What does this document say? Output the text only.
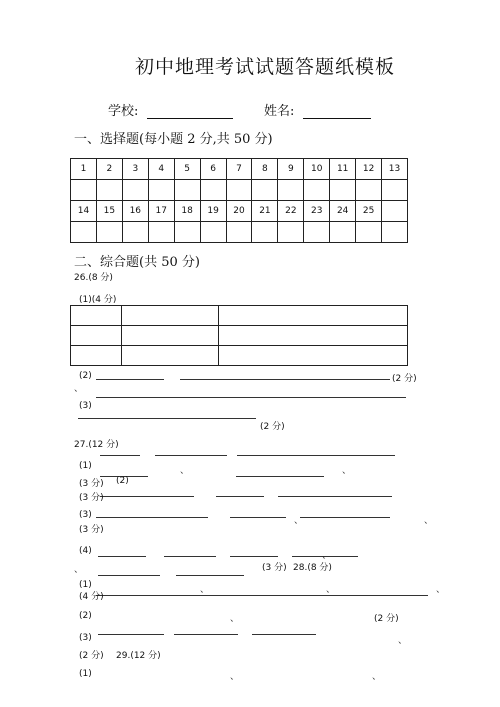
初中地理考试试题答题纸模板
学校:	姓名:
一、选择题(每小题 2 分,共 50 分)
1	2	3	4	5	6	7	8	9	10	11	12	13

14	15	16	17	18	19	20	21	22	23	24	25	

二、综合题(共 50 分)
26.(8 分)
(1)(4 分)

(2)	(2 分)
、
(3)
(2 分)
27.(12 分)
(1)	、	、
(3 分) (2)
(3 分)
(3)
、	、
(3 分)
(4)	、
、	(3 分) 28.(8 分)
(1)	、	、	、
(4 分)
(2)	、	(2 分)
(3)	、
(2 分) 29.(12 分)
(1)	、	、
